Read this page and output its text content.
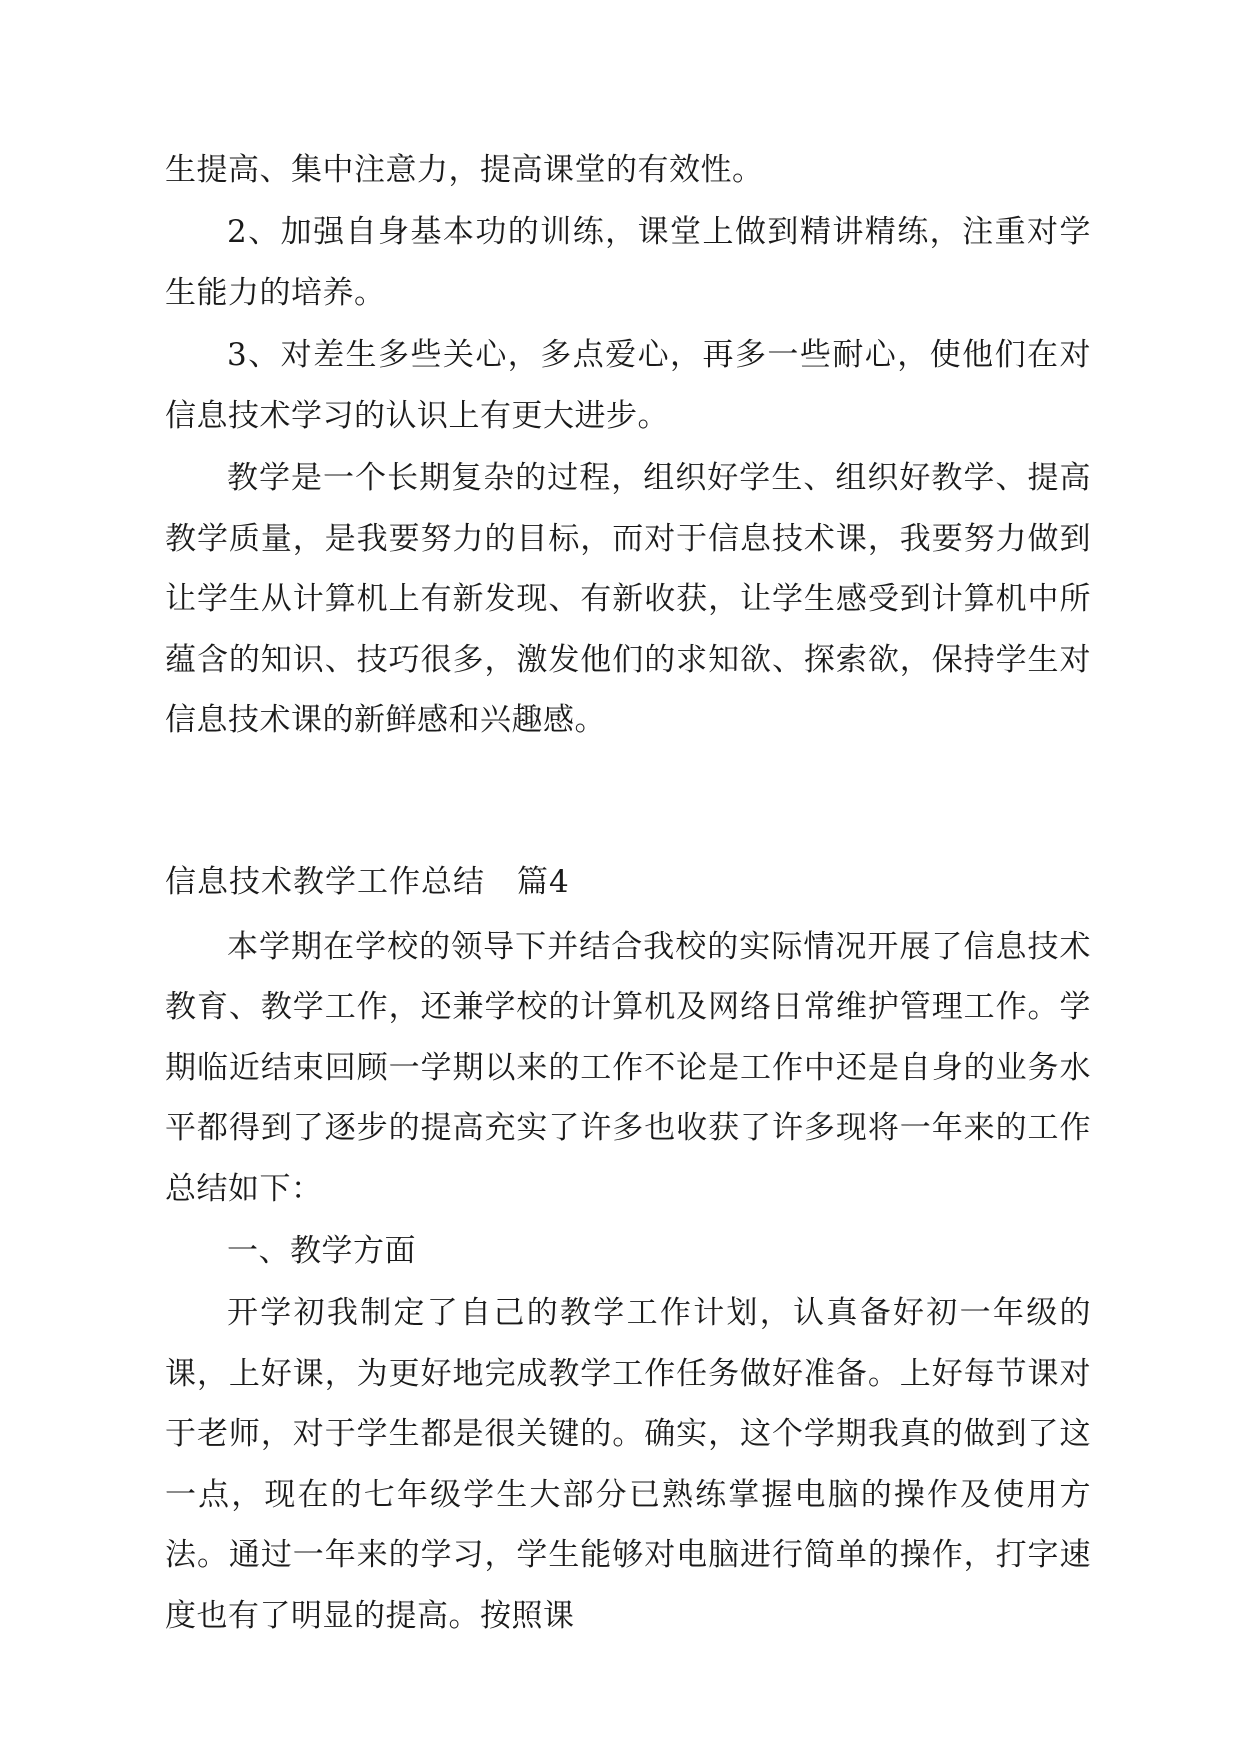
生提高、集中注意力，提高课堂的有效性。

2、加强自身基本功的训练，课堂上做到精讲精练，注重对学生能力的培养。

3、对差生多些关心，多点爱心，再多一些耐心，使他们在对信息技术学习的认识上有更大进步。

教学是一个长期复杂的过程，组织好学生、组织好教学、提高教学质量，是我要努力的目标，而对于信息技术课，我要努力做到让学生从计算机上有新发现、有新收获，让学生感受到计算机中所蕴含的知识、技巧很多，激发他们的求知欲、探索欲，保持学生对信息技术课的新鲜感和兴趣感。

信息技术教学工作总结　篇4

本学期在学校的领导下并结合我校的实际情况开展了信息技术教育、教学工作，还兼学校的计算机及网络日常维护管理工作。学期临近结束回顾一学期以来的工作不论是工作中还是自身的业务水平都得到了逐步的提高充实了许多也收获了许多现将一年来的工作总结如下：

一、教学方面

开学初我制定了自己的教学工作计划，认真备好初一年级的课，上好课，为更好地完成教学工作任务做好准备。上好每节课对于老师，对于学生都是很关键的。确实，这个学期我真的做到了这一点，现在的七年级学生大部分已熟练掌握电脑的操作及使用方法。通过一年来的学习，学生能够对电脑进行简单的操作，打字速度也有了明显的提高。按照课
